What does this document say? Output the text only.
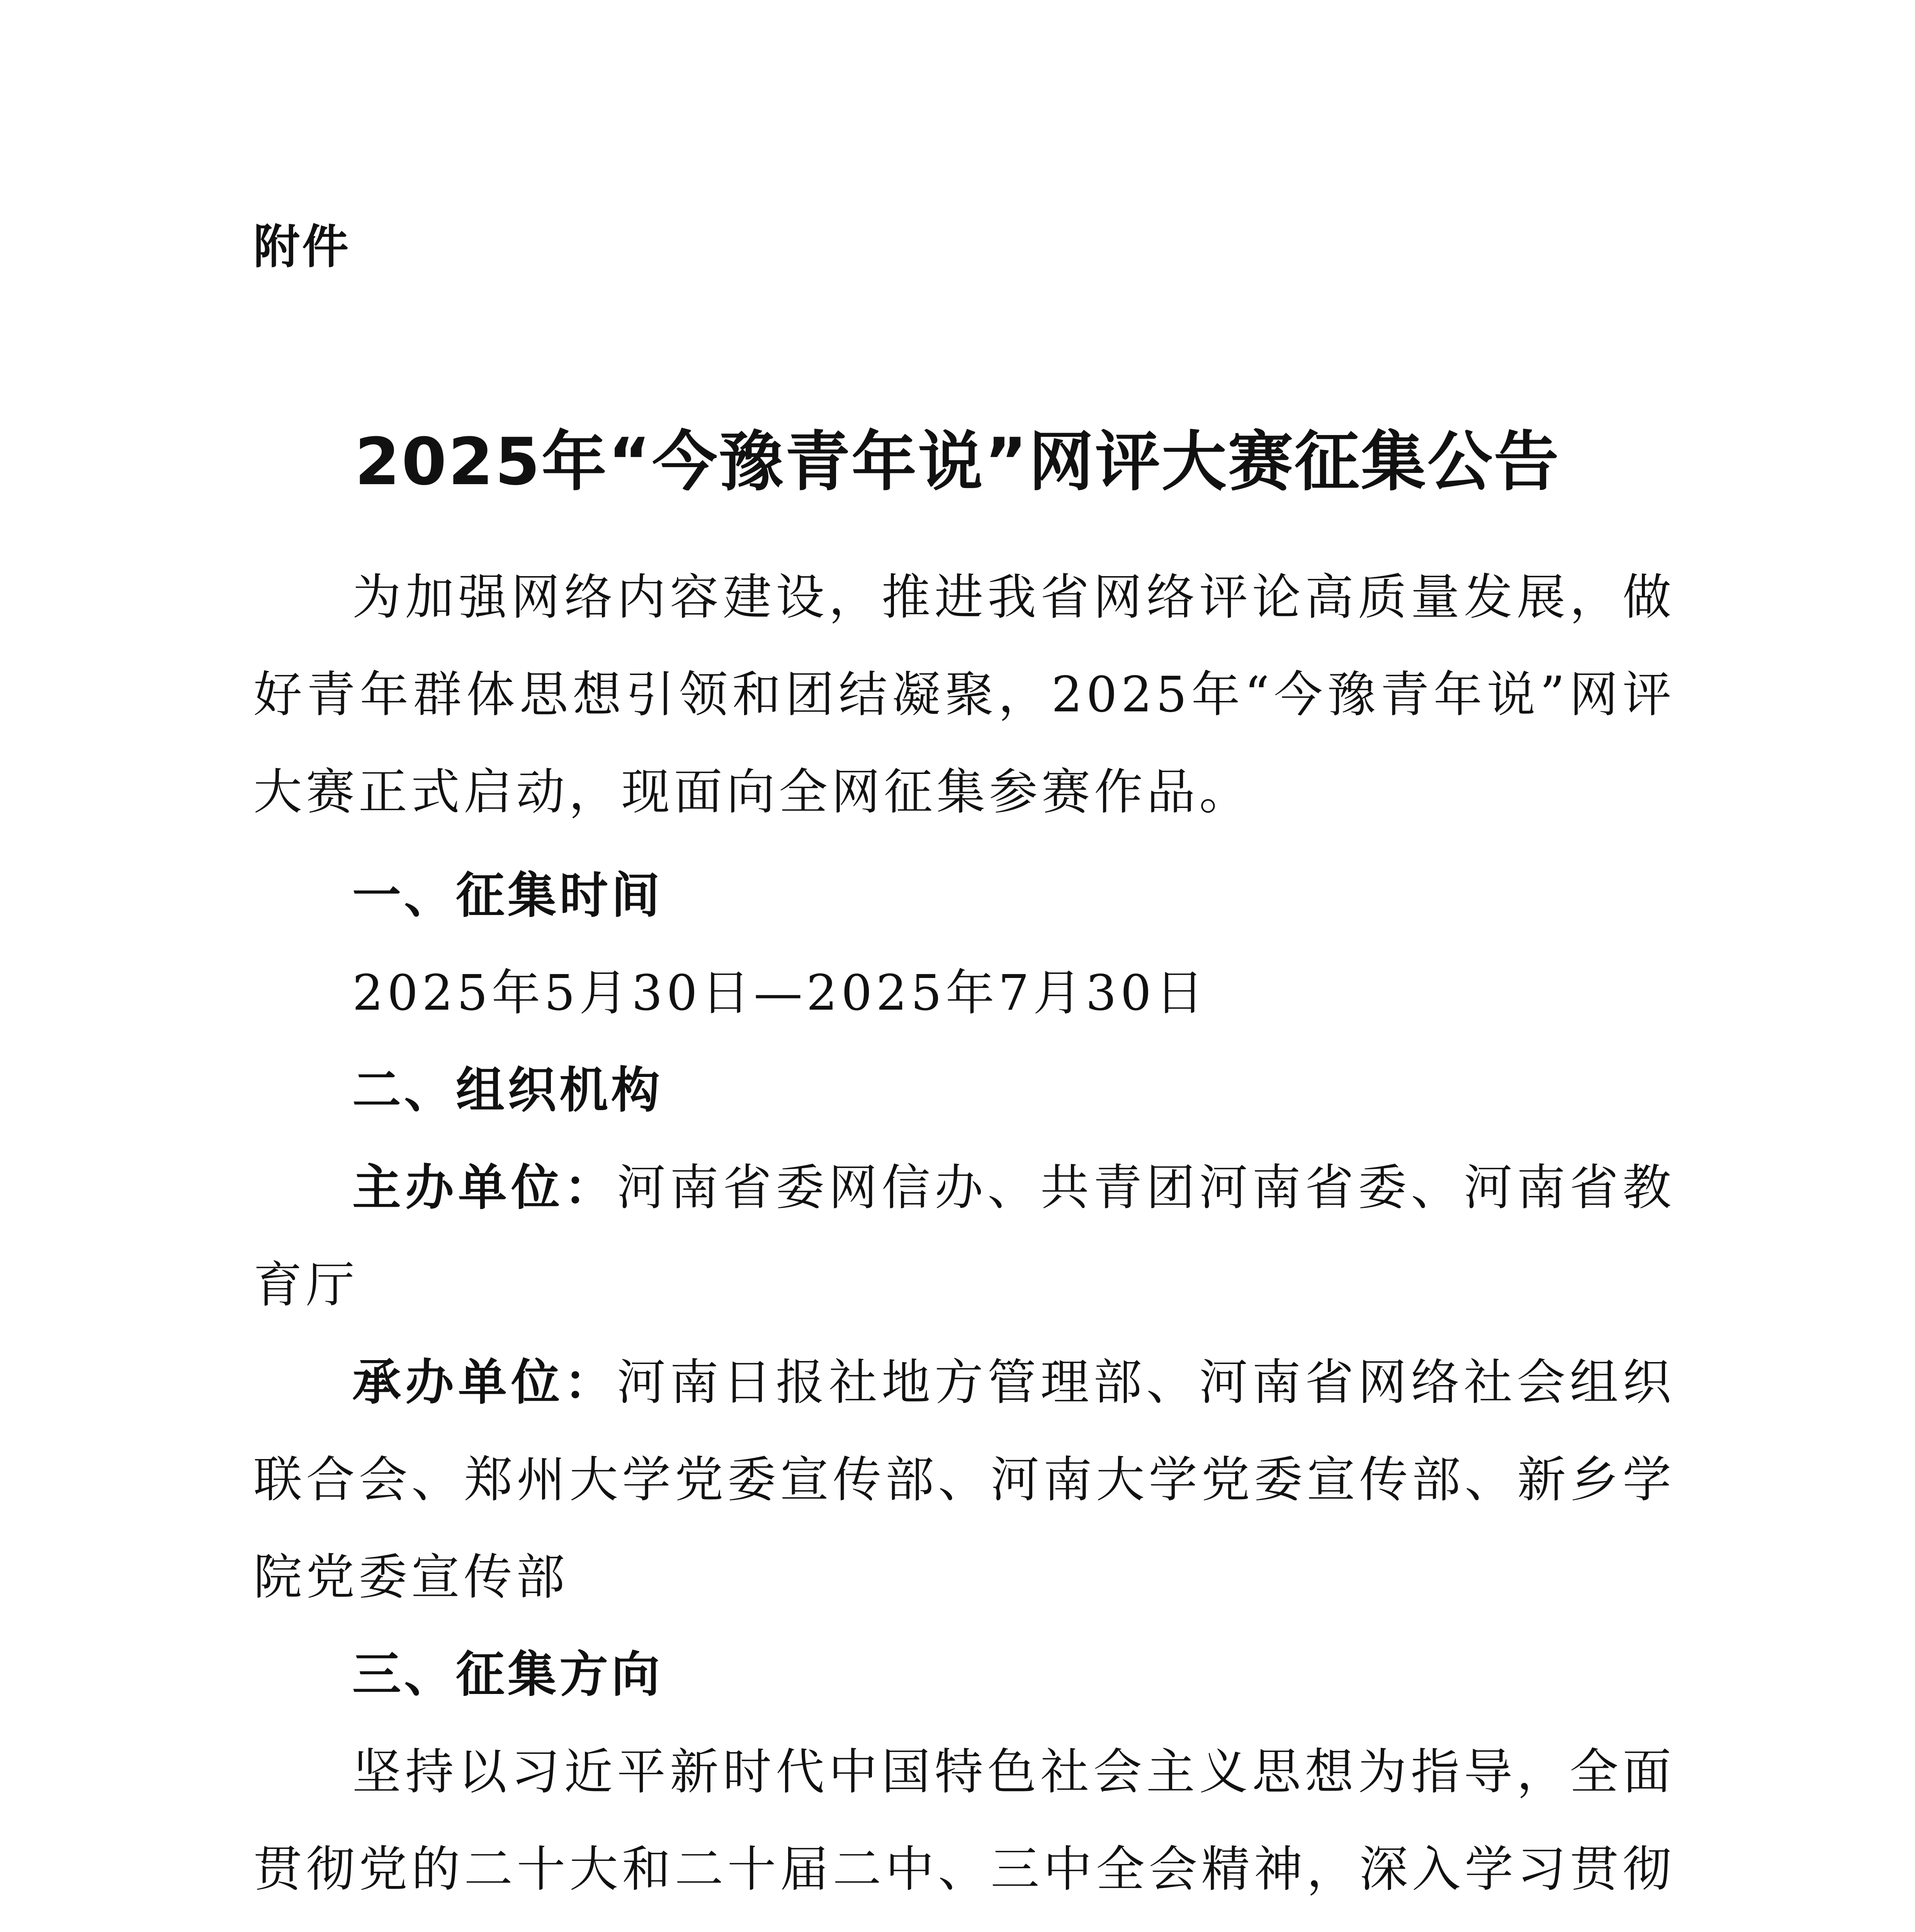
附件
2025年“今豫青年说”网评大赛征集公告

为加强网络内容建设，推进我省网络评论高质量发展，做好青年群体思想引领和团结凝聚，2025年“今豫青年说”网评大赛正式启动，现面向全网征集参赛作品。

一、征集时间

2025年5月30日—2025年7月30日

二、组织机构

主办单位：河南省委网信办、共青团河南省委、河南省教育厅

承办单位：河南日报社地方管理部、河南省网络社会组织联合会、郑州大学党委宣传部、河南大学党委宣传部、新乡学院党委宣传部

三、征集方向

坚持以习近平新时代中国特色社会主义思想为指导，全面贯彻党的二十大和二十届二中、三中全会精神，深入学习贯彻
